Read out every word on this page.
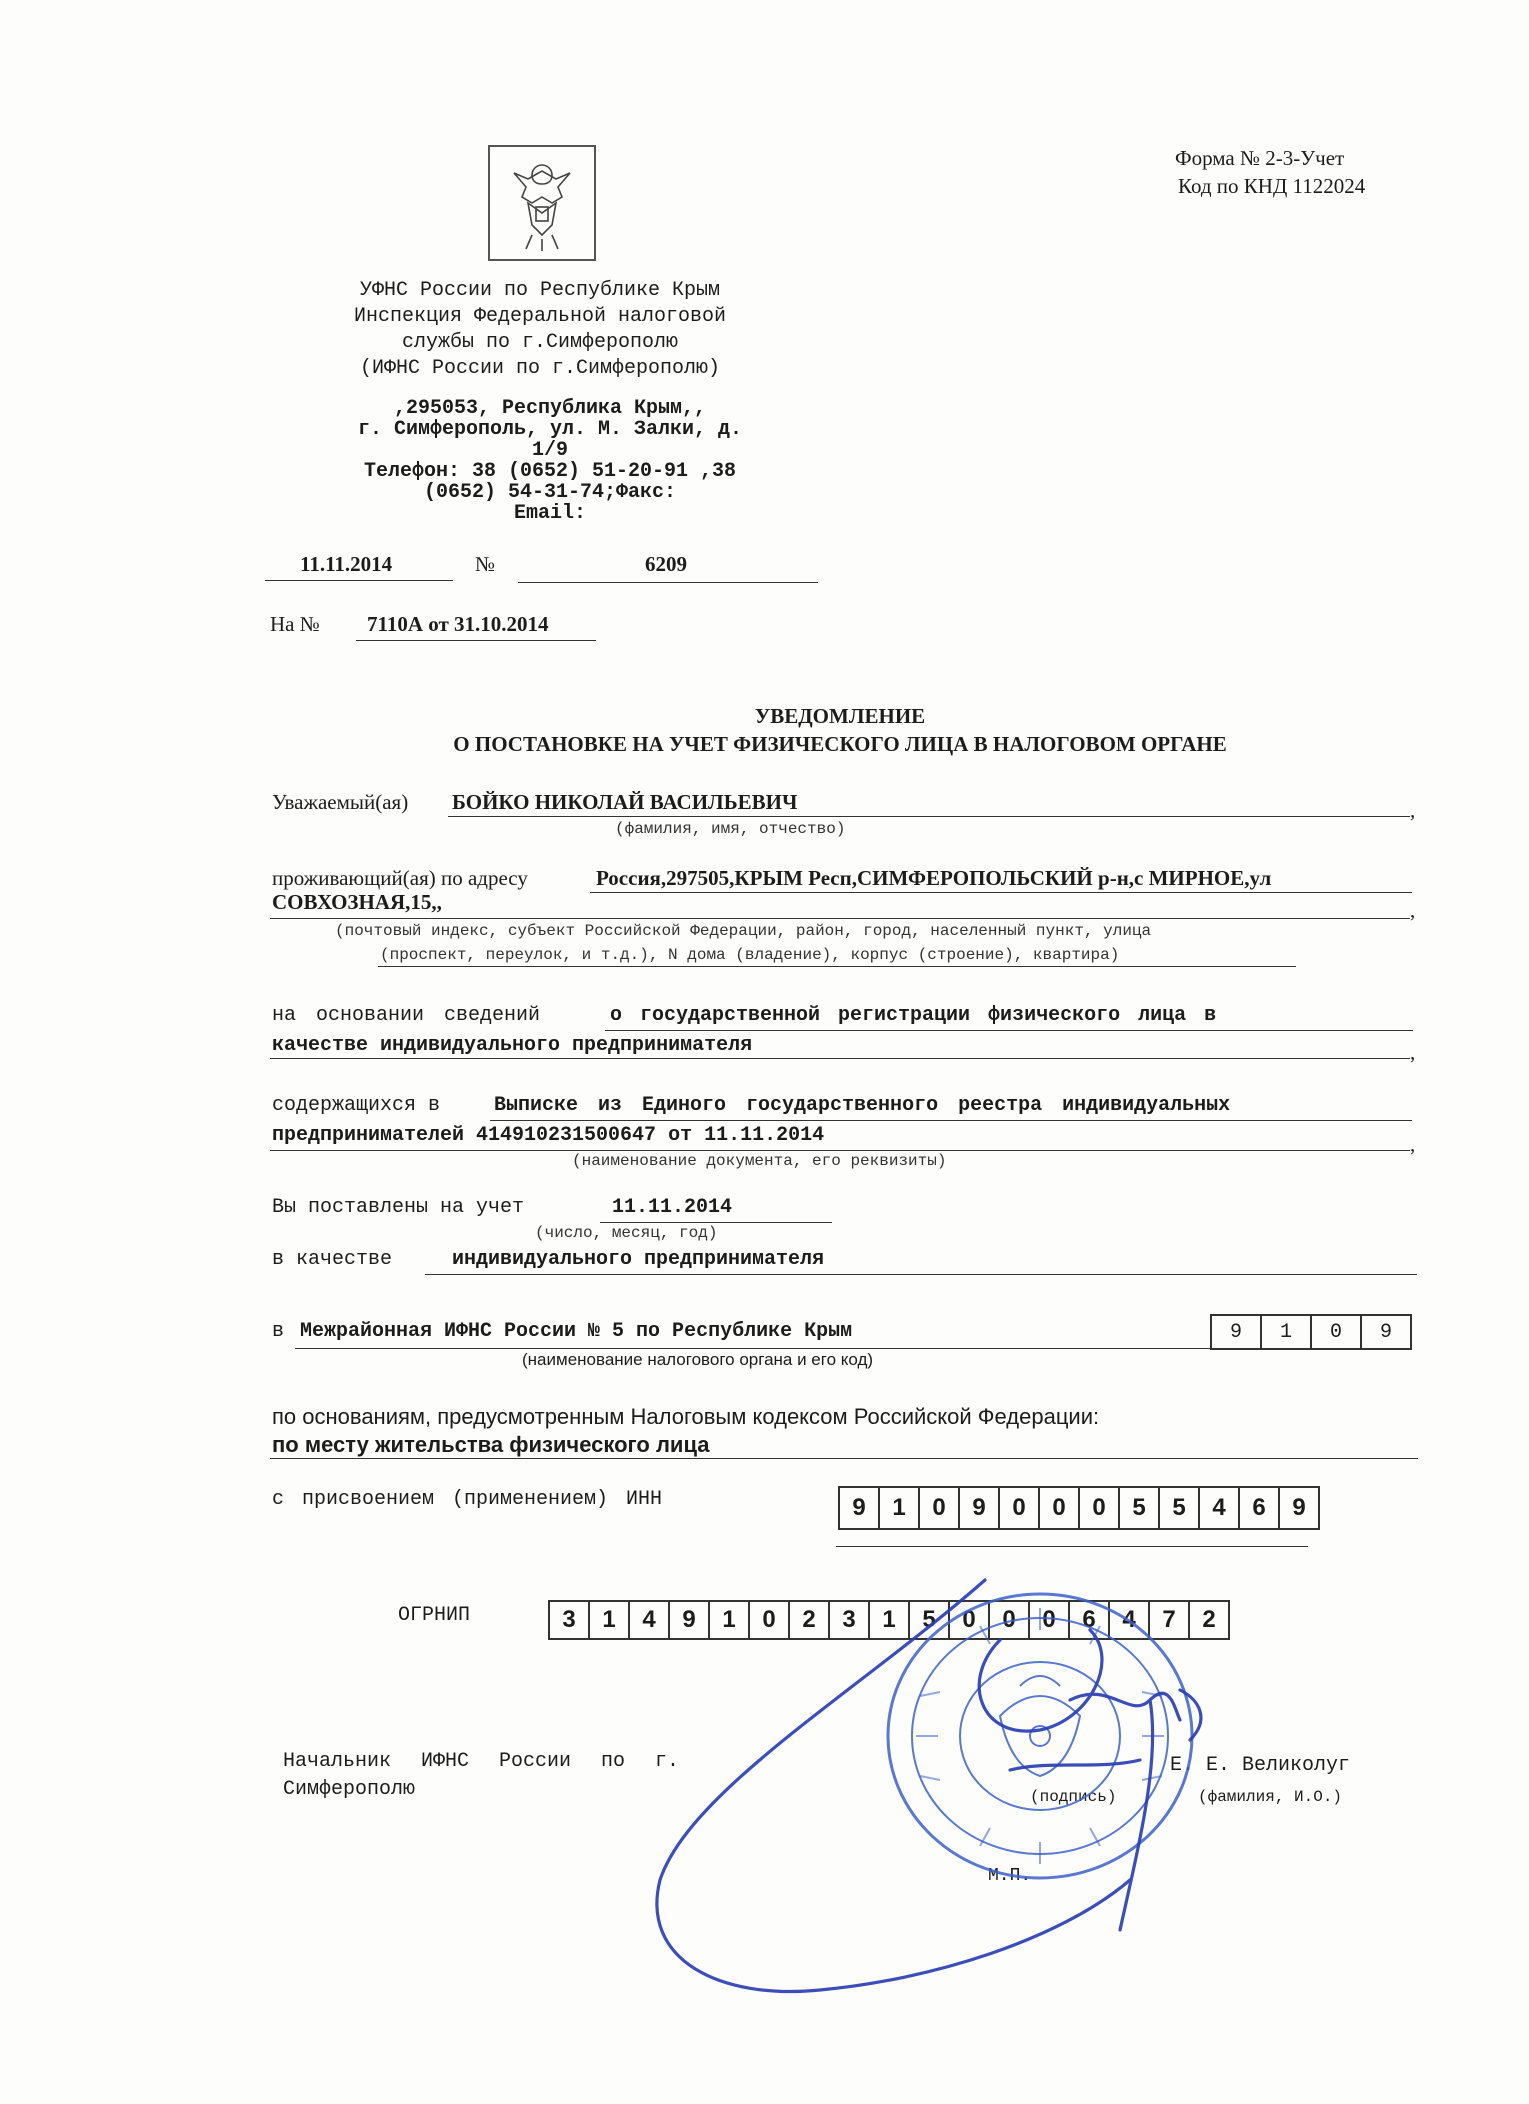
Форма № 2-3-Учет
Код по КНД 1122024
УФНС России по Республике Крым
Инспекция Федеральной налоговой
службы по г.Симферополю
(ИФНС России по г.Симферополю)
,295053, Республика Крым,,
г. Симферополь, ул. М. Залки, д.
1/9
Телефон: 38 (0652) 51-20-91 ,38
(0652) 54-31-74;Факс:
Email:
11.11.2014	№	6209
На № 7110А от 31.10.2014
УВЕДОМЛЕНИЕ
О ПОСТАНОВКЕ НА УЧЕТ ФИЗИЧЕСКОГО ЛИЦА В НАЛОГОВОМ ОРГАНЕ
Уважаемый(ая) БОЙКО НИКОЛАЙ ВАСИЛЬЕВИЧ	,
(фамилия, имя, отчество)
проживающий(ая) по адресу	Россия,297505,КРЫМ Респ,СИМФЕРОПОЛЬСКИЙ р-н,с МИРНОЕ,ул
СОВХОЗНАЯ,15,,	,
(почтовый индекс, субъект Российской Федерации, район, город, населенный пункт, улица
(проспект, переулок, и т.д.), N дома (владение), корпус (строение), квартира)
на основании сведений	о государственной регистрации физического лица в
качестве индивидуального предпринимателя	,
содержащихся в	Выписке из Единого государственного реестра индивидуальных
предпринимателей 414910231500647 от 11.11.2014	,
(наименование документа, его реквизиты)
Вы поставлены на учет	11.11.2014
(число, месяц, год)
в качестве	индивидуального предпринимателя
в Межрайонная ИФНС России № 5 по Республике Крым	9	1	0	9
(наименование налогового органа и его код)
по основаниям, предусмотренным Налоговым кодексом Российской Федерации:
по месту жительства физического лица
с присвоением (применением) ИНН	9	1	0	9	0	0	0	5	5	4	6	9
ОГРНИП	3	1	4	9	1	0	2	3	1	5	0	0	0	6	4	7	2
Начальник ИФНС России по г.
Симферополю
Е. Е. Великолуг
(подпись)	(фамилия, И.О.)
М.П.
